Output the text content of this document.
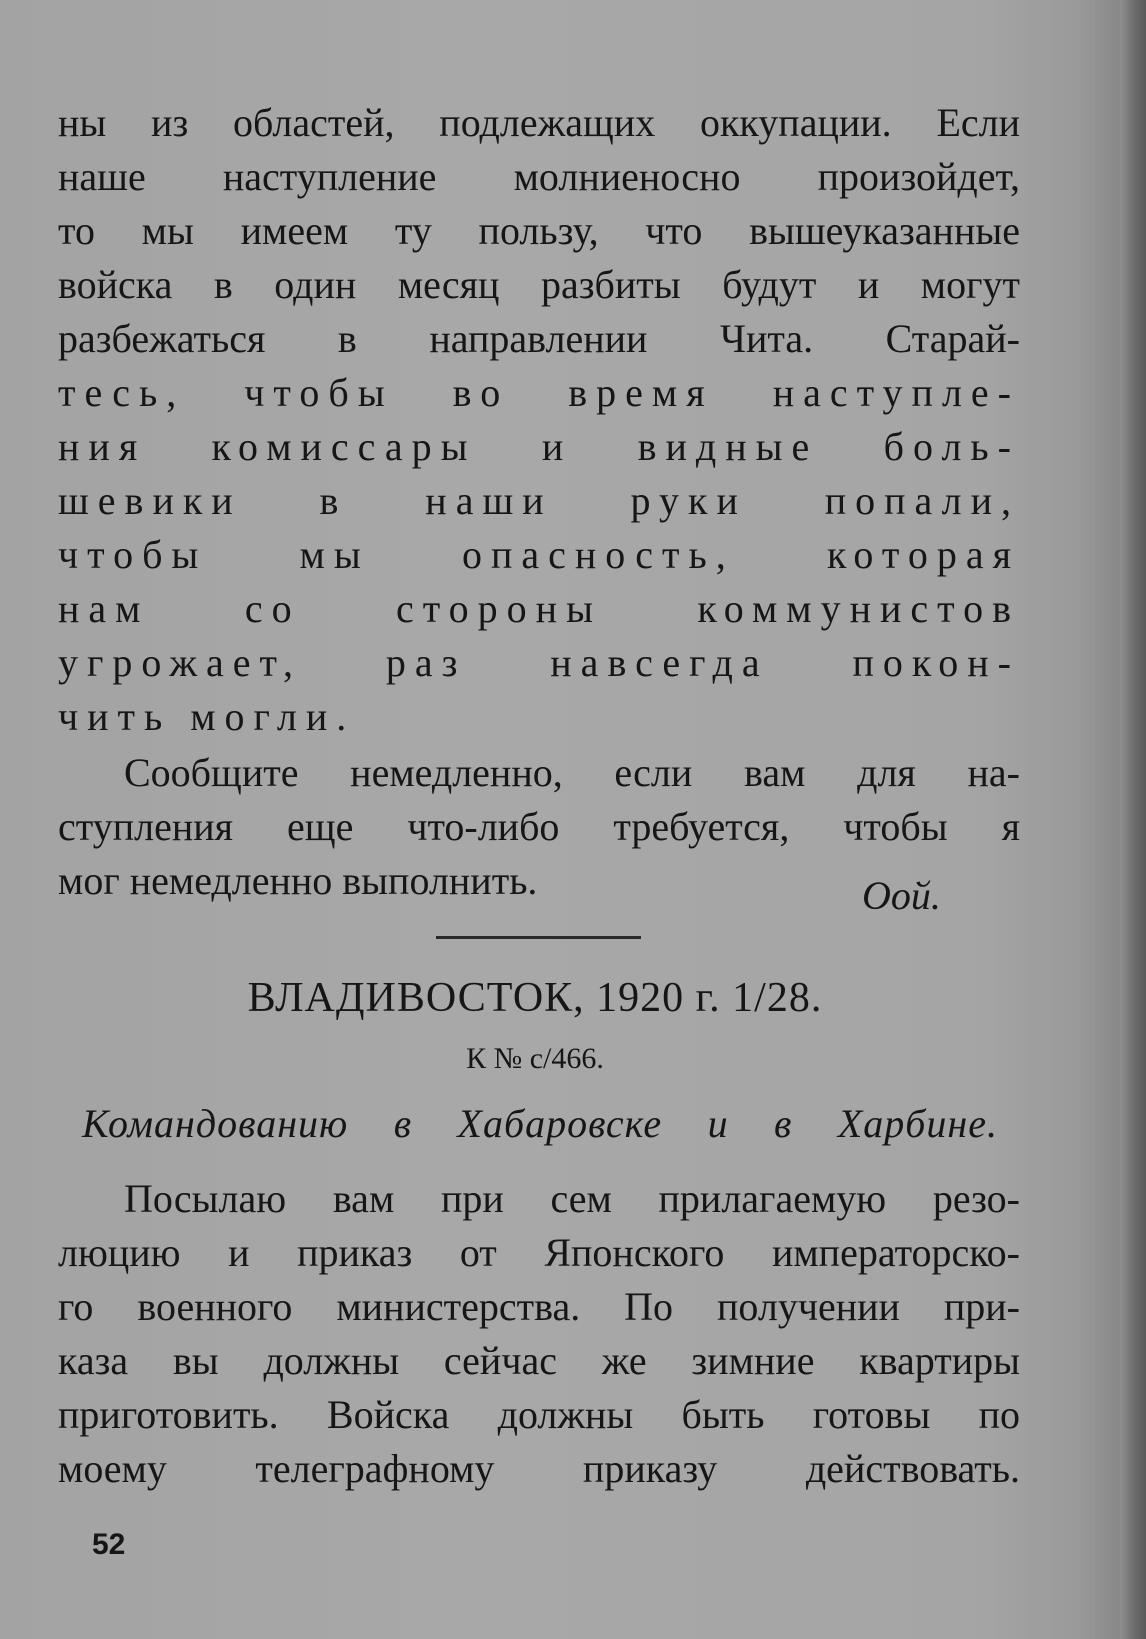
ны из областей, подлежащих оккупации. Если
наше наступление молниеносно произойдет,
то мы имеем ту пользу, что вышеуказанные
войска в один месяц разбиты будут и могут
разбежаться в направлении Чита. Старай-
тесь, чтобы во время наступле-
ния комиссары и видные боль-
шевики в наши руки попали,
чтобы мы опасность, которая
нам со стороны коммунистов
угрожает, раз навсегда покон-
чить могли.
Сообщите немедленно, если вам для на-
ступления еще что-либо требуется, чтобы я
мог немедленно выполнить.	Оой.

ВЛАДИВОСТОК, 1920 г. 1/28.

К № с/466.

Командованию в Хабаровске и в Харбине.

Посылаю вам при сем прилагаемую резо-
люцию и приказ от Японского императорско-
го военного министерства. По получении при-
каза вы должны сейчас же зимние квартиры
приготовить. Войска должны быть готовы по
моему телеграфному приказу действовать.
52
